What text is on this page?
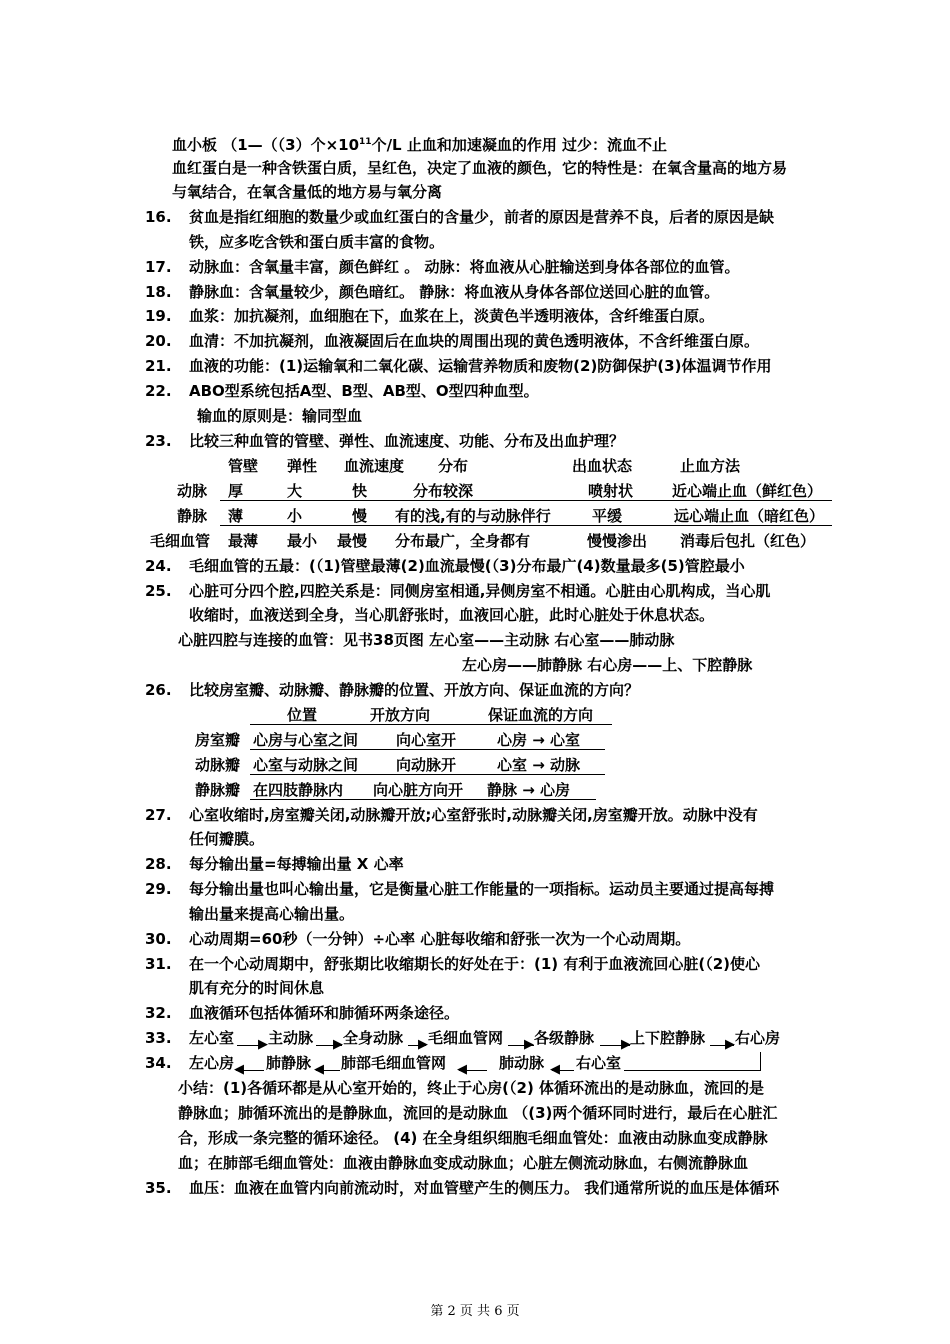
血小板 （1—（（3）个$\times 10^{11}$个/L 止血和加速凝血的作用 过少：流血不止
血红蛋白是一种含铁蛋白质，呈红色，决定了血液的颜色，它的特性是：在氧含量高的地方易
与氧结合，在氧含量低的地方易与氧分离
16. 贫血是指红细胞的数量少或血红蛋白的含量少，前者的原因是营养不良，后者的原因是缺
铁，应多吃含铁和蛋白质丰富的食物。
17. 动脉血：含氧量丰富，颜色鲜红 。 动脉：将血液从心脏输送到身体各部位的血管。
18. 静脉血：含氧量较少，颜色暗红。 静脉：将血液从身体各部位送回心脏的血管。
19. 血浆：加抗凝剂，血细胞在下，血浆在上，淡黄色半透明液体，含纤维蛋白原。
20. 血清：不加抗凝剂，血液凝固后在血块的周围出现的黄色透明液体，不含纤维蛋白原。
21. 血液的功能：(1)运输氧和二氧化碳、运输营养物质和废物(2)防御保护(3)体温调节作用
22. ABO型系统包括A型、B型、AB型、O型四种血型。
输血的原则是：输同型血
23. 比较三种血管的管壁、弹性、血流速度、功能、分布及出血护理？
管壁 弹性 血流速度 分布	出血状态	止血方法
动脉 厚	大	快	分布较深	喷射状	近心端止血（鲜红色）
静脉 薄	小	慢 有的浅,有的与动脉伴行	平缓	远心端止血（暗红色）
毛细血管 最薄 最小 最慢 分布最广，全身都有	慢慢渗出 消毒后包扎（红色）
24. 毛细血管的五最：(（1)管壁最薄(2)血流最慢(（3)分布最广(4)数量最多(5)管腔最小
25. 心脏可分四个腔,四腔关系是：同侧房室相通,异侧房室不相通。心脏由心肌构成，当心肌
收缩时，血液送到全身，当心肌舒张时，血液回心脏，此时心脏处于休息状态。
心脏四腔与连接的血管：见书38页图 左心室——主动脉 右心室——肺动脉
左心房——肺静脉 右心房——上、下腔静脉
26. 比较房室瓣、动脉瓣、静脉瓣的位置、开放方向、保证血流的方向？
位置	开放方向	保证血流的方向
房室瓣 心房与心室之间	向心室开	心房 → 心室
动脉瓣 心室与动脉之间	向动脉开	心室 → 动脉
静脉瓣 在四肢静脉内 向心脏方向开 静脉 → 心房
27. 心室收缩时,房室瓣关闭,动脉瓣开放;心室舒张时,动脉瓣关闭,房室瓣开放。动脉中没有
任何瓣膜。
28. 每分输出量=每搏输出量 X 心率
29. 每分输出量也叫心输出量，它是衡量心脏工作能量的一项指标。运动员主要通过提高每搏
输出量来提高心输出量。
30. 心动周期=60秒（一分钟）÷心率 心脏每收缩和舒张一次为一个心动周期。
31. 在一个心动周期中，舒张期比收缩期长的好处在于：(1) 有利于血液流回心脏(（2)使心
肌有充分的时间休息
32. 血液循环包括体循环和肺循环两条途径。
33. 左心室 ▶ 主动脉 ▶ 全身动脉 ▶ 毛细血管网 ▶ 各级静脉 ▶ 上下腔静脉 ▶ 右心房
34. 左心房 ◀ 肺静脉 ◀ 肺部毛细血管网 ◀ 肺动脉 ◀ 右心室
小结：(1)各循环都是从心室开始的，终止于心房(（2) 体循环流出的是动脉血，流回的是
静脉血；肺循环流出的是静脉血，流回的是动脉血 （(3)两个循环同时进行，最后在心脏汇
合，形成一条完整的循环途径。 (4) 在全身组织细胞毛细血管处：血液由动脉血变成静脉
血；在肺部毛细血管处：血液由静脉血变成动脉血；心脏左侧流动脉血，右侧流静脉血
35. 血压：血液在血管内向前流动时，对血管壁产生的侧压力。 我们通常所说的血压是体循环
第 2 页 共 6 页
